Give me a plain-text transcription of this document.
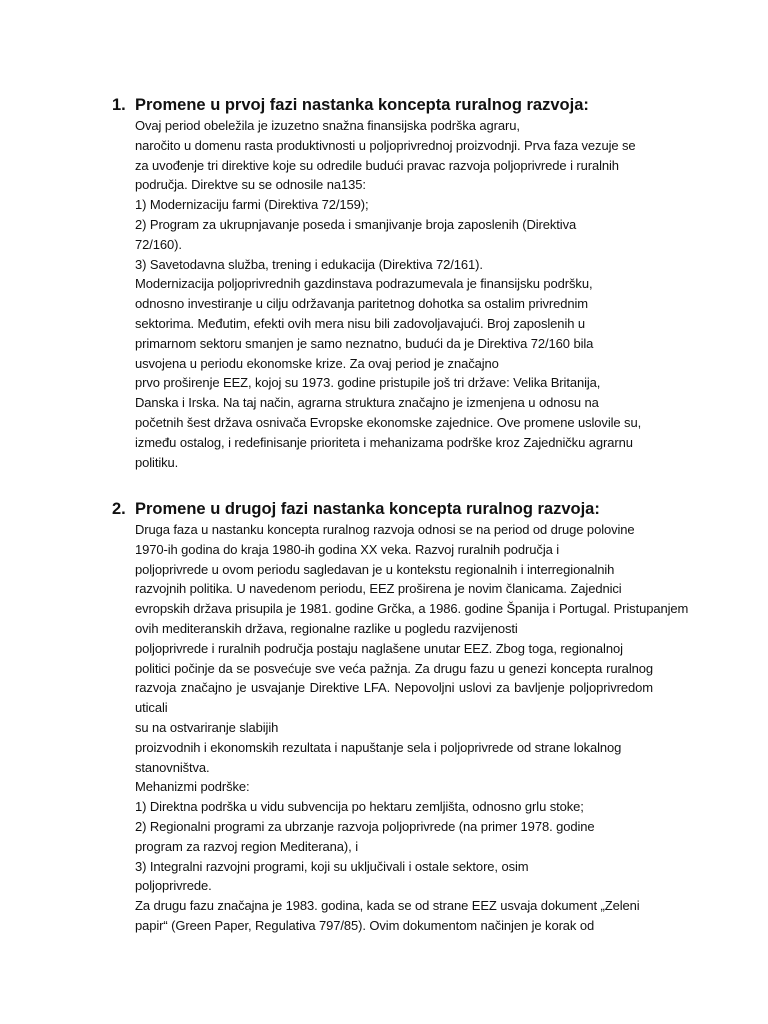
1. Promene u prvoj fazi nastanka koncepta ruralnog razvoja:
Ovaj period obeležila je izuzetno snažna finansijska podrška agraru,
naročito u domenu rasta produktivnosti u poljoprivrednoj proizvodnji. Prva faza vezuje se
za uvođenje tri direktive koje su odredile budući pravac razvoja poljoprivrede i ruralnih
područja. Direktve su se odnosile na135:
1) Modernizaciju farmi (Direktiva 72/159);
2) Program za ukrupnjavanje poseda i smanjivanje broja zaposlenih (Direktiva
72/160).
3) Savetodavna služba, trening i edukacija (Direktiva 72/161).
Modernizacija poljoprivrednih gazdinstava podrazumevala je finansijsku podršku,
odnosno investiranje u cilju održavanja paritetnog dohotka sa ostalim privrednim
sektorima. Međutim, efekti ovih mera nisu bili zadovoljavajući. Broj zaposlenih u
primarnom sektoru smanjen je samo neznatno, budući da je Direktiva 72/160 bila
usvojena u periodu ekonomske krize. Za ovaj period je značajno
prvo proširenje EEZ, kojoj su 1973. godine pristupile još tri države: Velika Britanija,
Danska i Irska. Na taj način, agrarna struktura značajno je izmenjena u odnosu na
početnih šest država osnivača Evropske ekonomske zajednice. Ove promene uslovile su,
između ostalog, i redefinisanje prioriteta i mehanizama podrške kroz Zajedničku agrarnu
politiku.
2. Promene u drugoj fazi nastanka koncepta ruralnog razvoja:
Druga faza u nastanku koncepta ruralnog razvoja odnosi se na period od druge polovine
1970-ih godina do kraja 1980-ih godina XX veka. Razvoj ruralnih područja i
poljoprivrede u ovom periodu sagledavan je u kontekstu regionalnih i interregionalnih
razvojnih politika. U navedenom periodu, EEZ proširena je novim članicama. Zajednici
evropskih država prisupila je 1981. godine Grčka, a 1986. godine Španija i Portugal. Pristupanjem
ovih mediteranskih država, regionalne razlike u pogledu razvijenosti
poljoprivrede i ruralnih područja postaju naglašene unutar EEZ. Zbog toga, regionalnoj
politici počinje da se posvećuje sve veća pažnja. Za drugu fazu u genezi koncepta ruralnog
razvoja značajno je usvajanje Direktive LFA. Nepovoljni uslovi za bavljenje poljoprivredom uticali
su na ostvariranje slabijih
proizvodnih i ekonomskih rezultata i napuštanje sela i poljoprivrede od strane lokalnog
stanovništva.
Mehanizmi podrške:
1) Direktna podrška u vidu subvencija po hektaru zemljišta, odnosno grlu stoke;
2) Regionalni programi za ubrzanje razvoja poljoprivrede (na primer 1978. godine
program za razvoj region Mediterana), i
3) Integralni razvojni programi, koji su uključivali i ostale sektore, osim
poljoprivrede.
Za drugu fazu značajna je 1983. godina, kada se od strane EEZ usvaja dokument „Zeleni
papir“ (Green Paper, Regulativa 797/85). Ovim dokumentom načinjen je korak od
